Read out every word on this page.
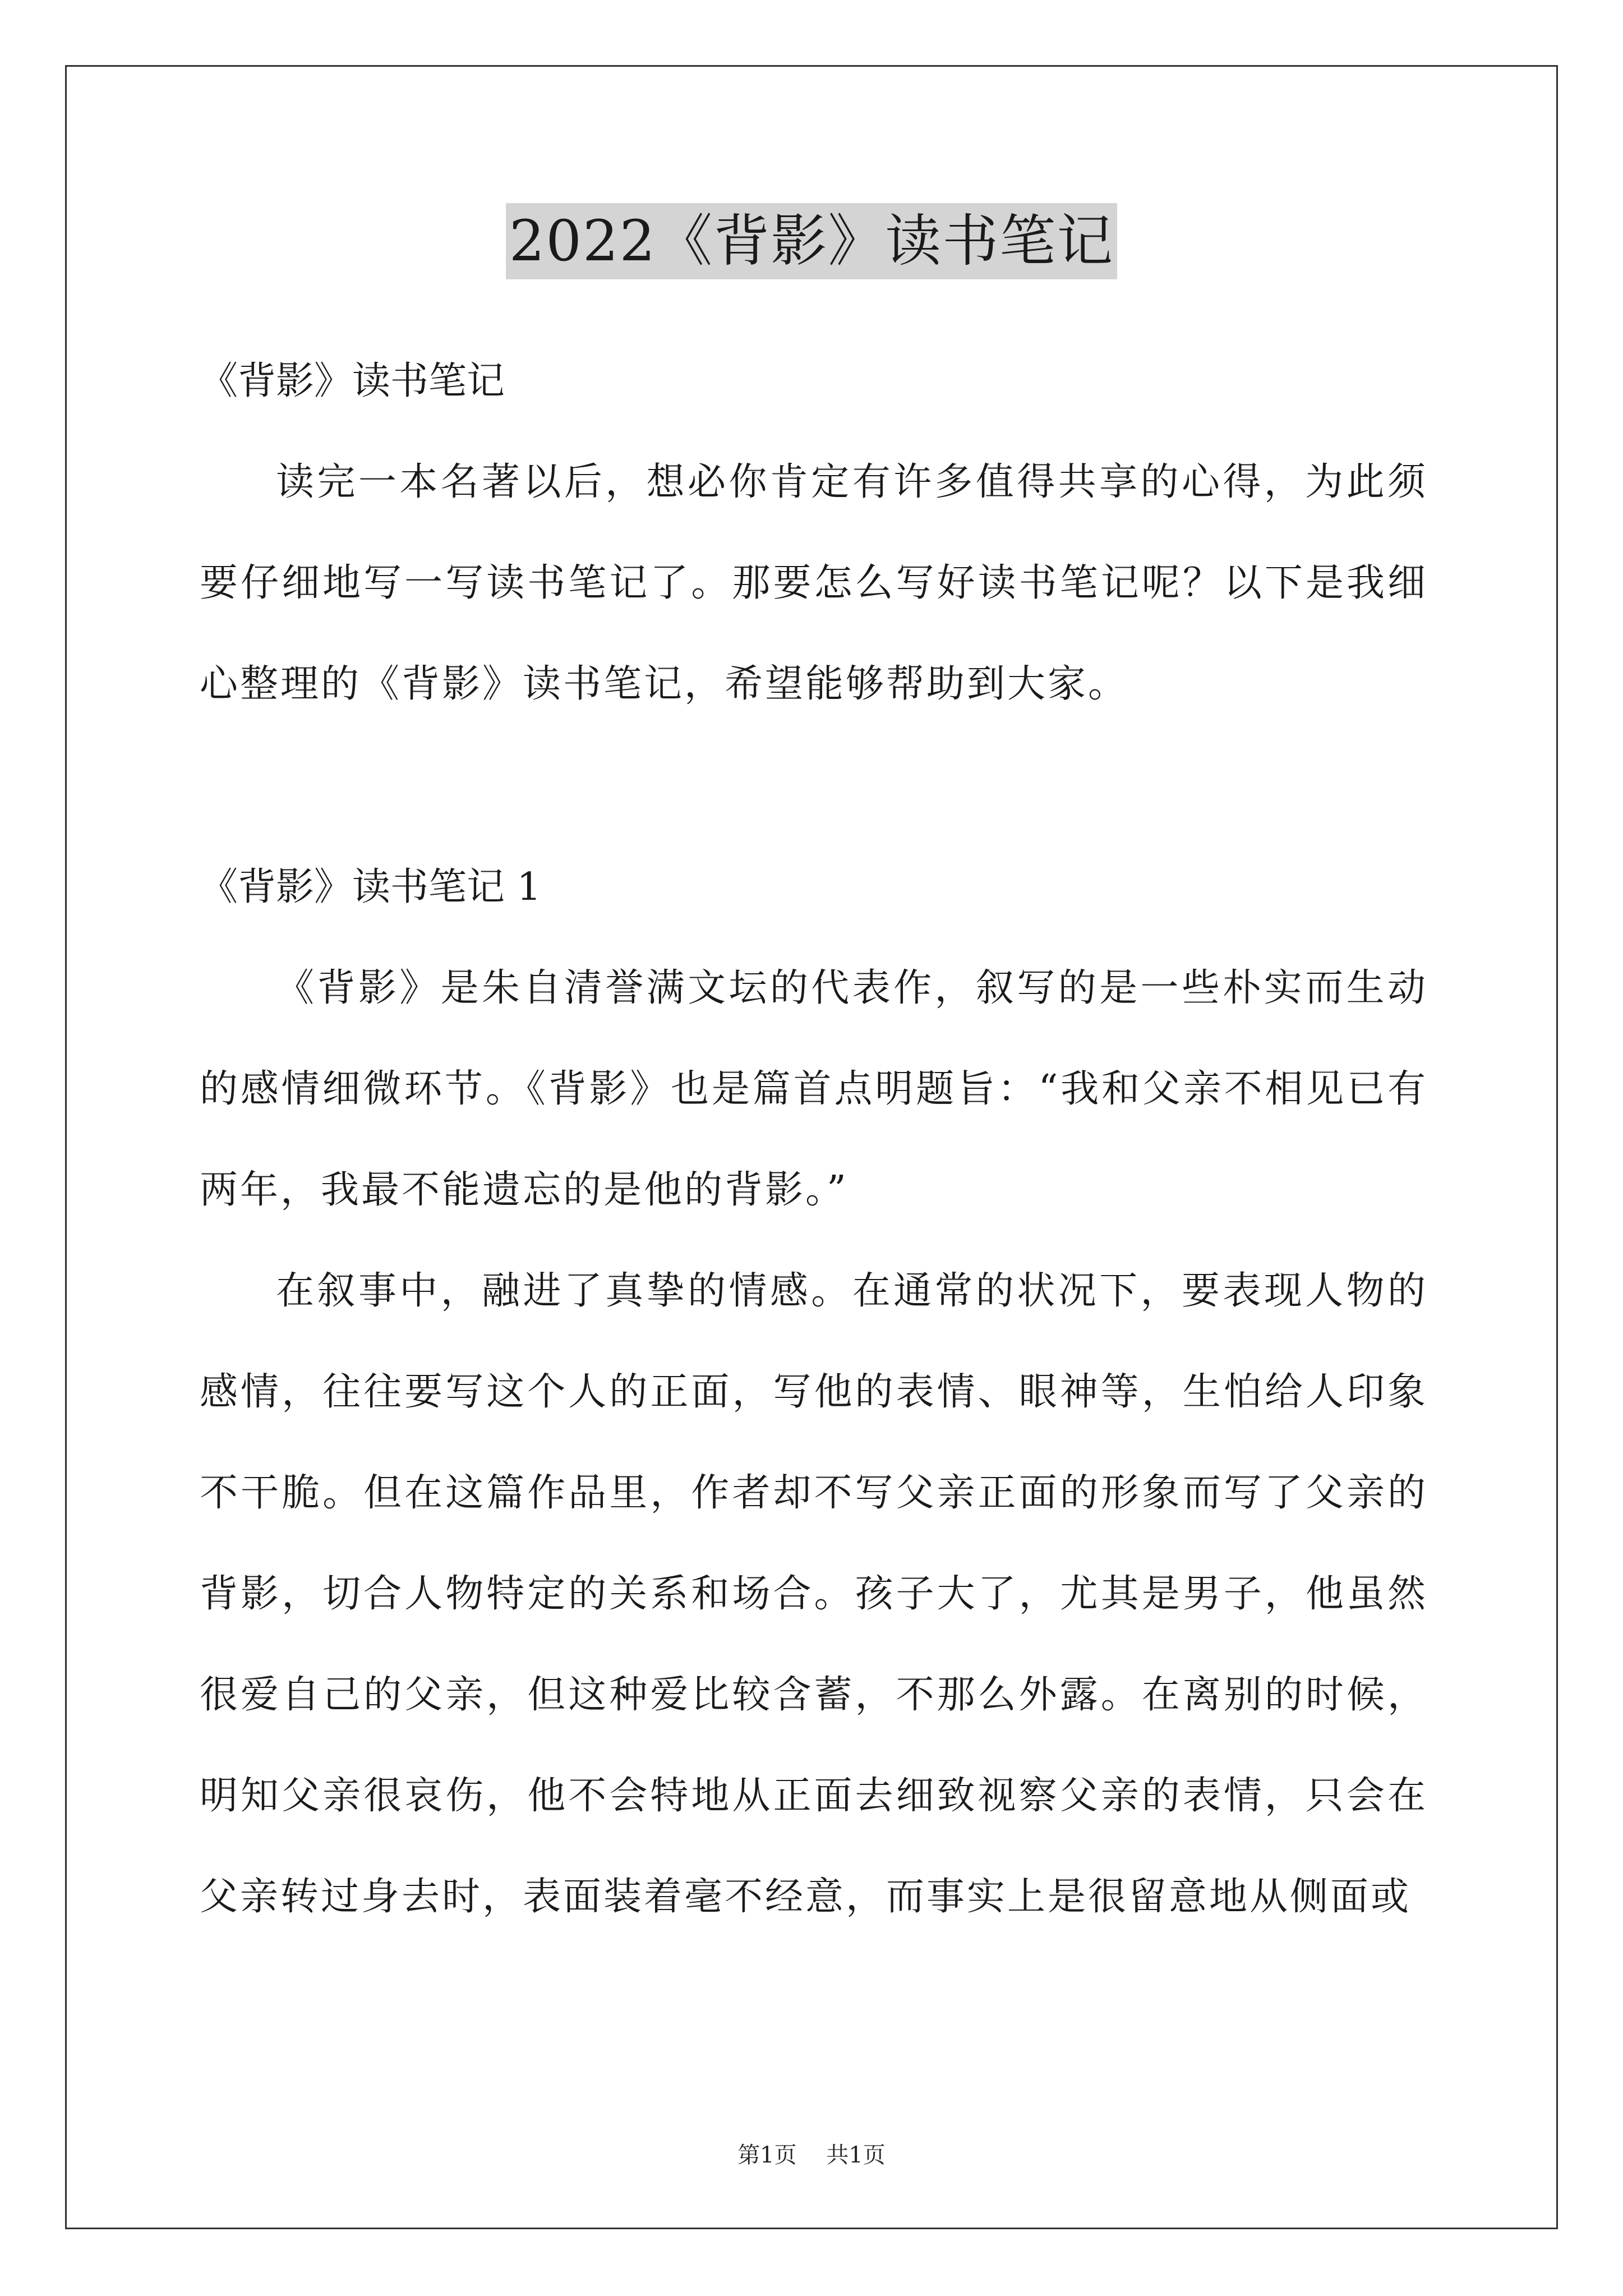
2022《背影》读书笔记

《背影》读书笔记

读完一本名著以后，想必你肯定有许多值得共享的心得，为此须要仔细地写一写读书笔记了。那要怎么写好读书笔记呢？以下是我细心整理的《背影》读书笔记，希望能够帮助到大家。

《背影》读书笔记 1

《背影》是朱自清誉满文坛的代表作，叙写的是一些朴实而生动的感情细微环节。《背影》也是篇首点明题旨：“我和父亲不相见已有两年，我最不能遗忘的是他的背影。”

在叙事中，融进了真挚的情感。在通常的状况下，要表现人物的感情，往往要写这个人的正面，写他的表情、眼神等，生怕给人印象不干脆。但在这篇作品里，作者却不写父亲正面的形象而写了父亲的背影，切合人物特定的关系和场合。孩子大了，尤其是男子，他虽然很爱自己的父亲，但这种爱比较含蓄，不那么外露。在离别的时候，明知父亲很哀伤，他不会特地从正面去细致视察父亲的表情，只会在父亲转过身去时，表面装着毫不经意，而事实上是很留意地从侧面或

第1页 共1页
